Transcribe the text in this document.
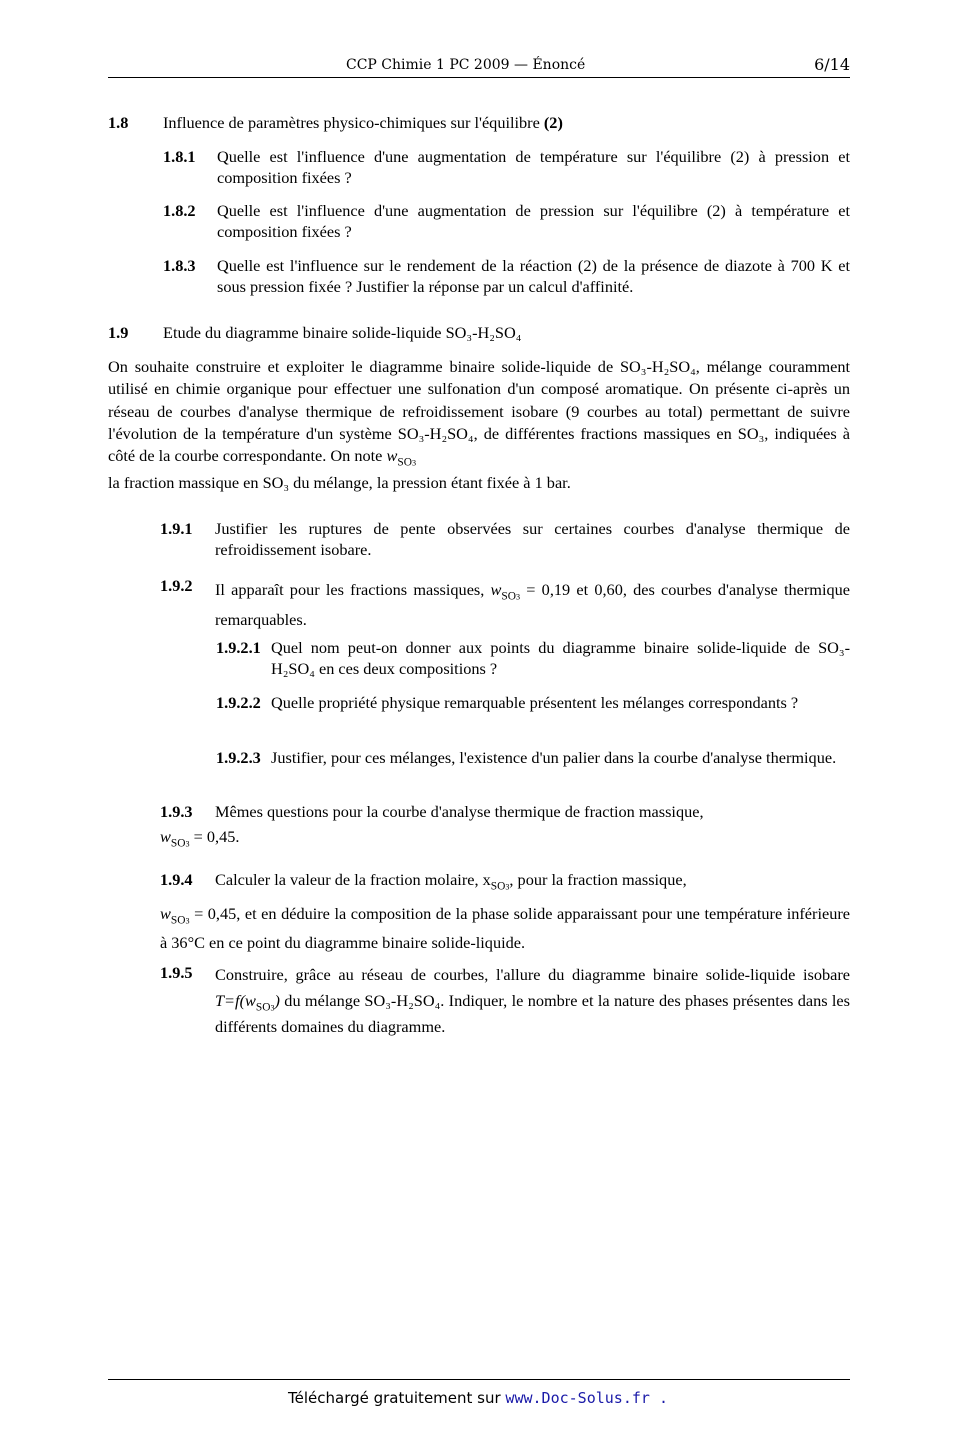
CCP Chimie 1 PC 2009 — Énoncé	6/14
1.8 Influence de paramètres physico-chimiques sur l'équilibre (2)
1.8.1 Quelle est l'influence d'une augmentation de température sur l'équilibre (2) à pression et composition fixées ?
1.8.2 Quelle est l'influence d'une augmentation de pression sur l'équilibre (2) à température et composition fixées ?
1.8.3 Quelle est l'influence sur le rendement de la réaction (2) de la présence de diazote à 700 K et sous pression fixée ? Justifier la réponse par un calcul d'affinité.
1.9 Etude du diagramme binaire solide-liquide SO₃-H₂SO₄
On souhaite construire et exploiter le diagramme binaire solide-liquide de SO₃-H₂SO₄, mélange couramment utilisé en chimie organique pour effectuer une sulfonation d'un composé aromatique. On présente ci-après un réseau de courbes d'analyse thermique de refroidissement isobare (9 courbes au total) permettant de suivre l'évolution de la température d'un système SO₃-H₂SO₄, de différentes fractions massiques en SO₃, indiquées à côté de la courbe correspondante. On note $w_{SO3}$
la fraction massique en SO₃ du mélange, la pression étant fixée à 1 bar.
1.9.1 Justifier les ruptures de pente observées sur certaines courbes d'analyse thermique de refroidissement isobare.
1.9.2 Il apparaît pour les fractions massiques, $w_{SO3} = 0,19$ et 0,60, des courbes d'analyse thermique remarquables.
1.9.2.1 Quel nom peut-on donner aux points du diagramme binaire solide-liquide de SO₃-H₂SO₄ en ces deux compositions ?
1.9.2.2 Quelle propriété physique remarquable présentent les mélanges correspondants ?
1.9.2.3 Justifier, pour ces mélanges, l'existence d'un palier dans la courbe d'analyse thermique.
1.9.3 Mêmes questions pour la courbe d'analyse thermique de fraction massique,
$w_{SO3} = 0,45$.
1.9.4 Calculer la valeur de la fraction molaire, $x_{SO3}$, pour la fraction massique,
$w_{SO3} = 0,45$, et en déduire la composition de la phase solide apparaissant pour une température inférieure à 36°C en ce point du diagramme binaire solide-liquide.
1.9.5 Construire, grâce au réseau de courbes, l'allure du diagramme binaire solide-liquide isobare $T=f(w_{SO3})$ du mélange SO₃-H₂SO₄. Indiquer, le nombre et la nature des phases présentes dans les différents domaines du diagramme.
Téléchargé gratuitement sur www.Doc-Solus.fr .
